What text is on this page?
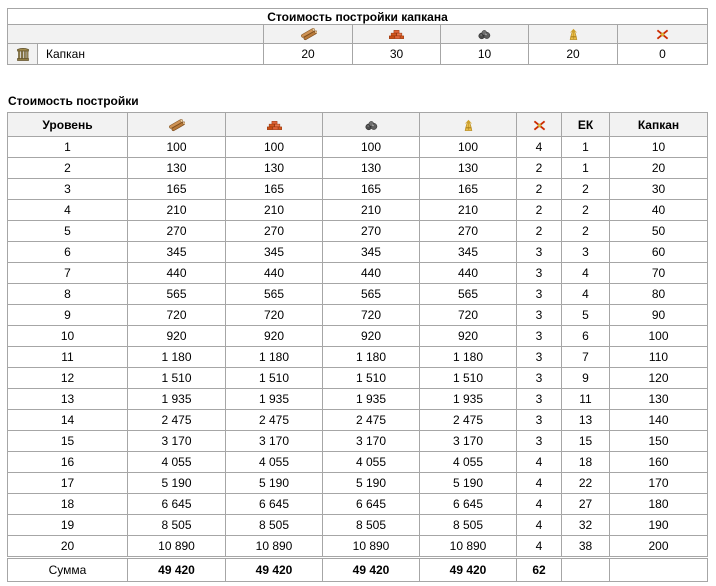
Стоимость постройки капкана						

	Капкан	20	30	10	20	0
Стоимость постройки
Уровень						ЕК	Капкан
1	100	100	100	100	4	1	10
2	130	130	130	130	2	1	20
3	165	165	165	165	2	2	30
4	210	210	210	210	2	2	40
5	270	270	270	270	2	2	50
6	345	345	345	345	3	3	60
7	440	440	440	440	3	4	70
8	565	565	565	565	3	4	80
9	720	720	720	720	3	5	90
10	920	920	920	920	3	6	100
11	1 180	1 180	1 180	1 180	3	7	110
12	1 510	1 510	1 510	1 510	3	9	120
13	1 935	1 935	1 935	1 935	3	11	130
14	2 475	2 475	2 475	2 475	3	13	140
15	3 170	3 170	3 170	3 170	3	15	150
16	4 055	4 055	4 055	4 055	4	18	160
17	5 190	5 190	5 190	5 190	4	22	170
18	6 645	6 645	6 645	6 645	4	27	180
19	8 505	8 505	8 505	8 505	4	32	190
20	10 890	10 890	10 890	10 890	4	38	200
Сумма	49 420	49 420	49 420	49 420	62		
